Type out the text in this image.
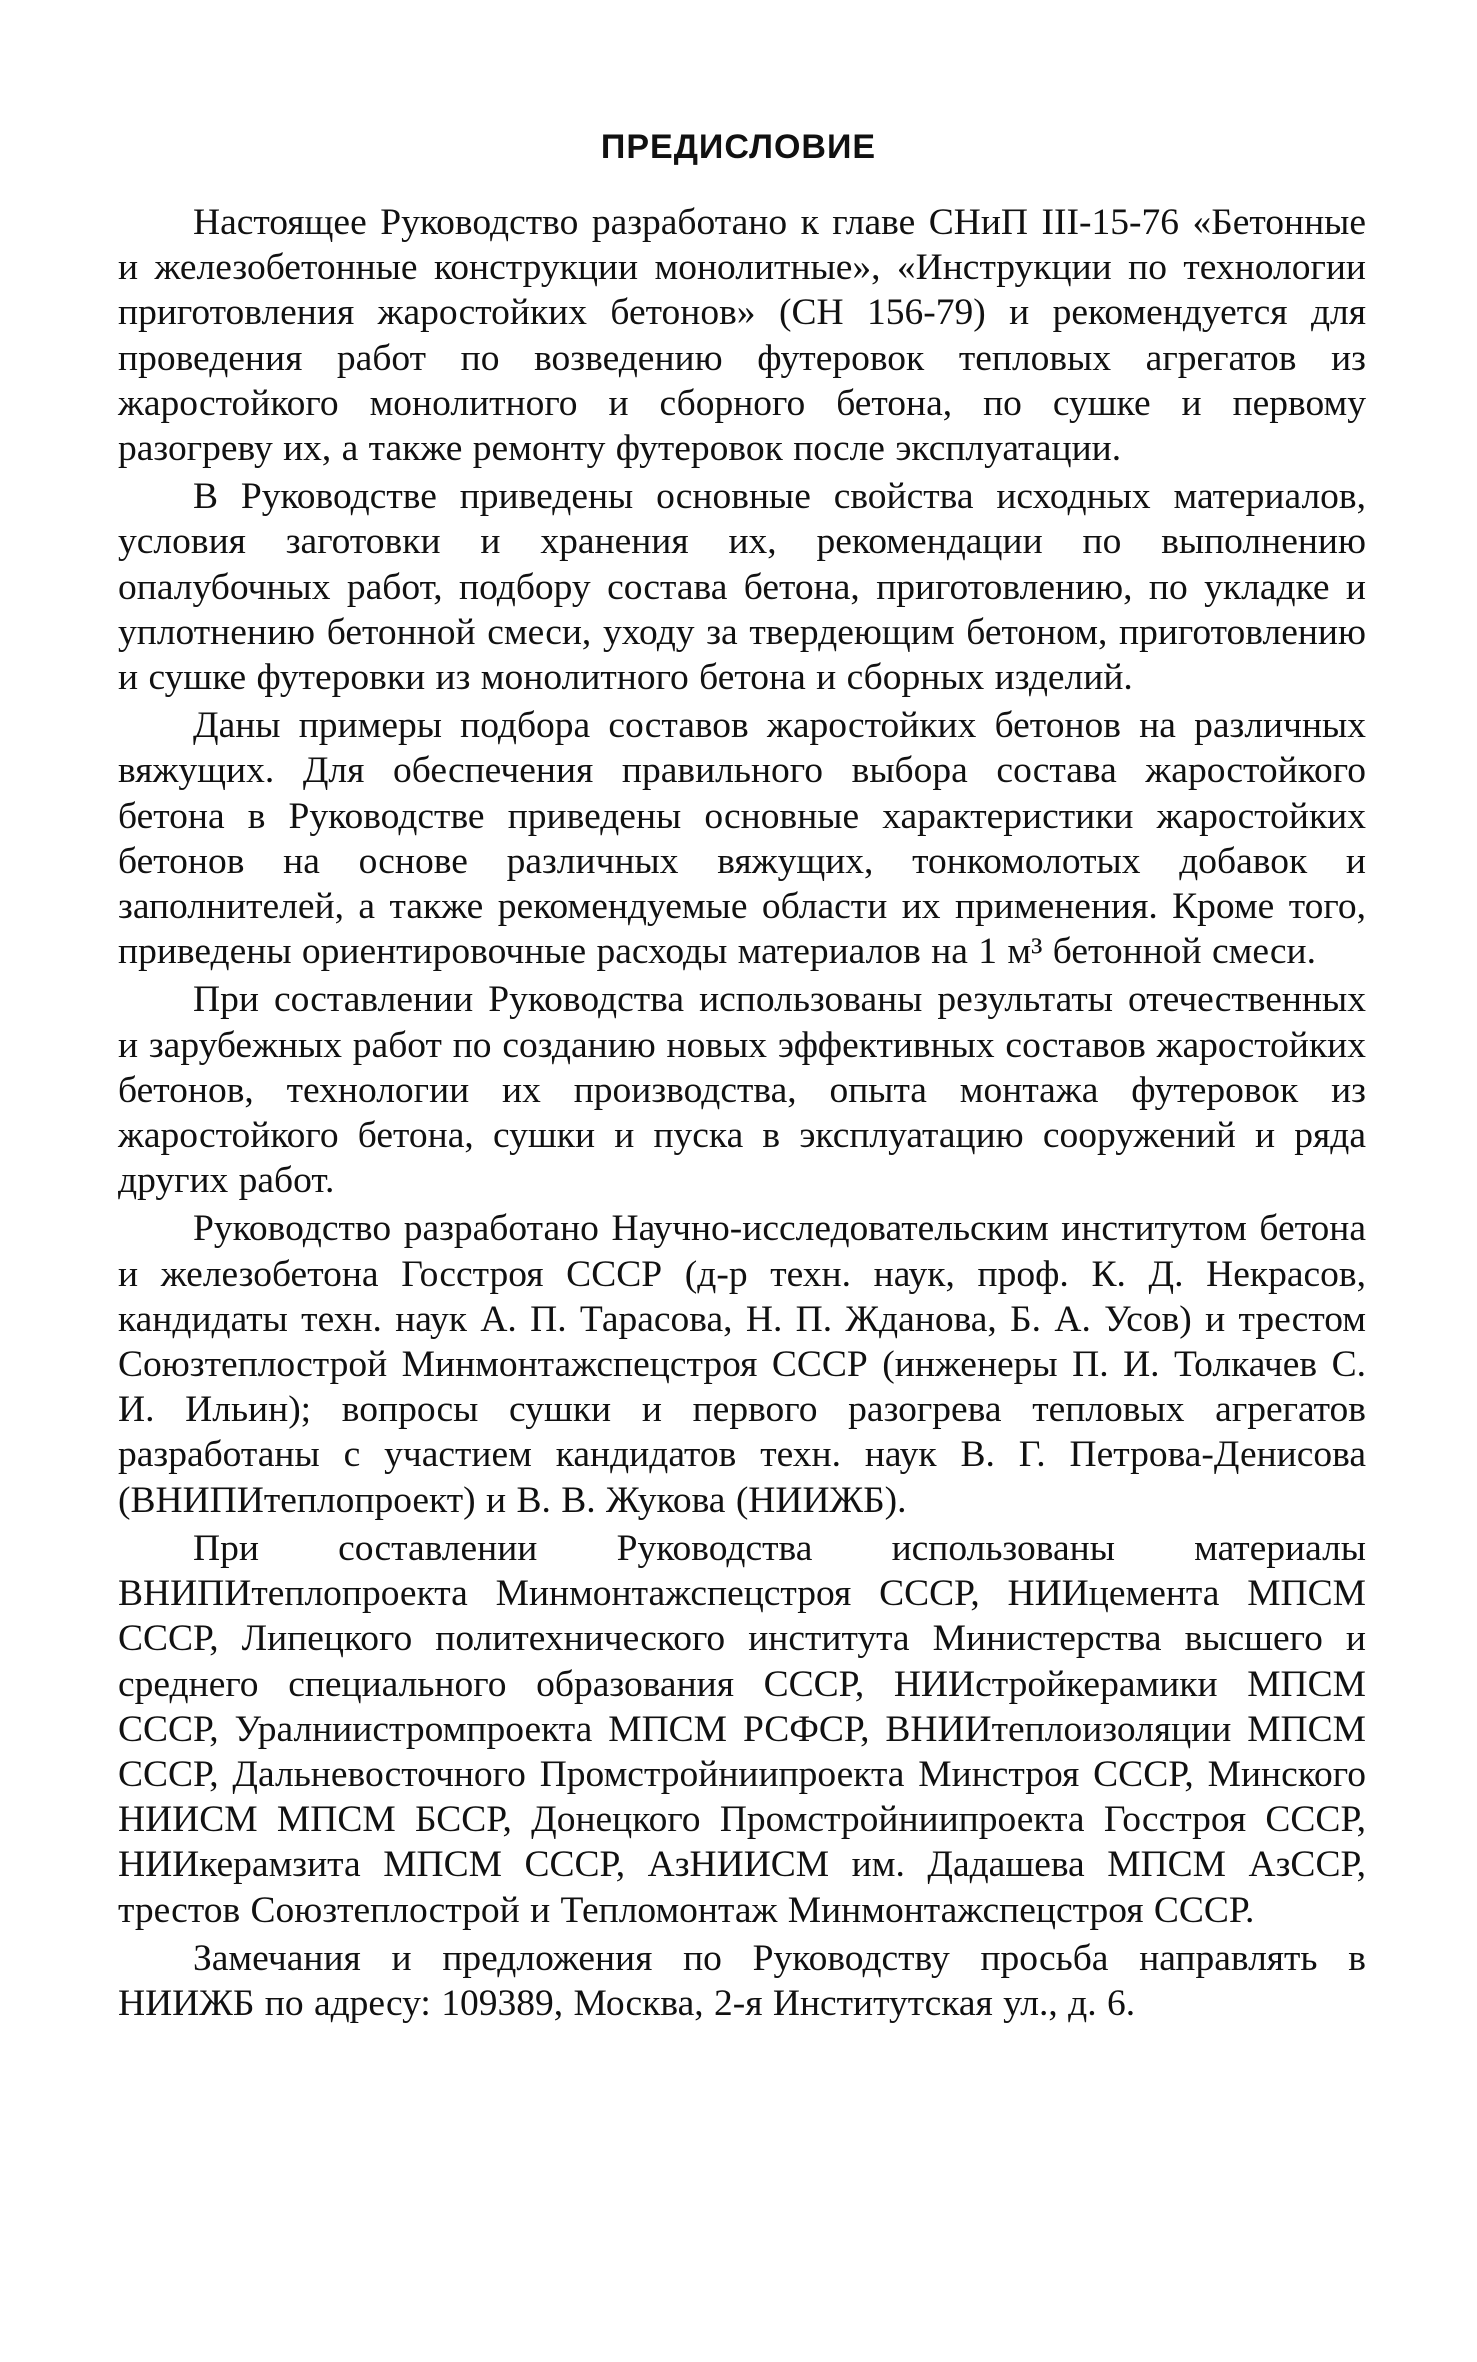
ПРЕДИСЛОВИЕ

Настоящее Руководство разработано к главе СНиП III-15-76 «Бетонные и железобетонные конструкции монолитные», «Инструкции по технологии приготовления жаростойких бетонов» (СН 156-79) и рекомендуется для проведения работ по возведению футеровок тепловых агрегатов из жаростойкого монолитного и сборного бетона, по сушке и первому разогреву их, а также ремонту футеровок после эксплуатации.

В Руководстве приведены основные свойства исходных материалов, условия заготовки и хранения их, рекомендации по выполнению опалубочных работ, подбору состава бетона, приготовлению, по укладке и уплотнению бетонной смеси, уходу за твердеющим бетоном, приготовлению и сушке футеровки из монолитного бетона и сборных изделий.

Даны примеры подбора составов жаростойких бетонов на различных вяжущих. Для обеспечения правильного выбора состава жаростойкого бетона в Руководстве приведены основные характеристики жаростойких бетонов на основе различных вяжущих, тонкомолотых добавок и заполнителей, а также рекомендуемые области их применения. Кроме того, приведены ориентировочные расходы материалов на 1 м³ бетонной смеси.

При составлении Руководства использованы результаты отечественных и зарубежных работ по созданию новых эффективных составов жаростойких бетонов, технологии их производства, опыта монтажа футеровок из жаростойкого бетона, сушки и пуска в эксплуатацию сооружений и ряда других работ.

Руководство разработано Научно-исследовательским институтом бетона и железобетона Госстроя СССР (д-р техн. наук, проф. К. Д. Некрасов, кандидаты техн. наук А. П. Тарасова, Н. П. Жданова, Б. А. Усов) и трестом Союзтеплострой Минмонтажспецстроя СССР (инженеры П. И. Толкачев С. И. Ильин); вопросы сушки и первого разогрева тепловых агрегатов разработаны с участием кандидатов техн. наук В. Г. Петрова-Денисова (ВНИПИтеплопроект) и В. В. Жукова (НИИЖБ).

При составлении Руководства использованы материалы ВНИПИтеплопроекта Минмонтажспецстроя СССР, НИИцемента МПСМ СССР, Липецкого политехнического института Министерства высшего и среднего специального образования СССР, НИИстройкерамики МПСМ СССР, Уралниистромпроекта МПСМ РСФСР, ВНИИтеплоизоляции МПСМ СССР, Дальневосточного Промстройниипроекта Минстроя СССР, Минского НИИСМ МПСМ БССР, Донецкого Промстройниипроекта Госстроя СССР, НИИкерамзита МПСМ СССР, АзНИИСМ им. Дадашева МПСМ АзССР, трестов Союзтеплострой и Тепломонтаж Минмонтажспецстроя СССР.

Замечания и предложения по Руководству просьба направлять в НИИЖБ по адресу: 109389, Москва, 2-я Институтская ул., д. 6.
